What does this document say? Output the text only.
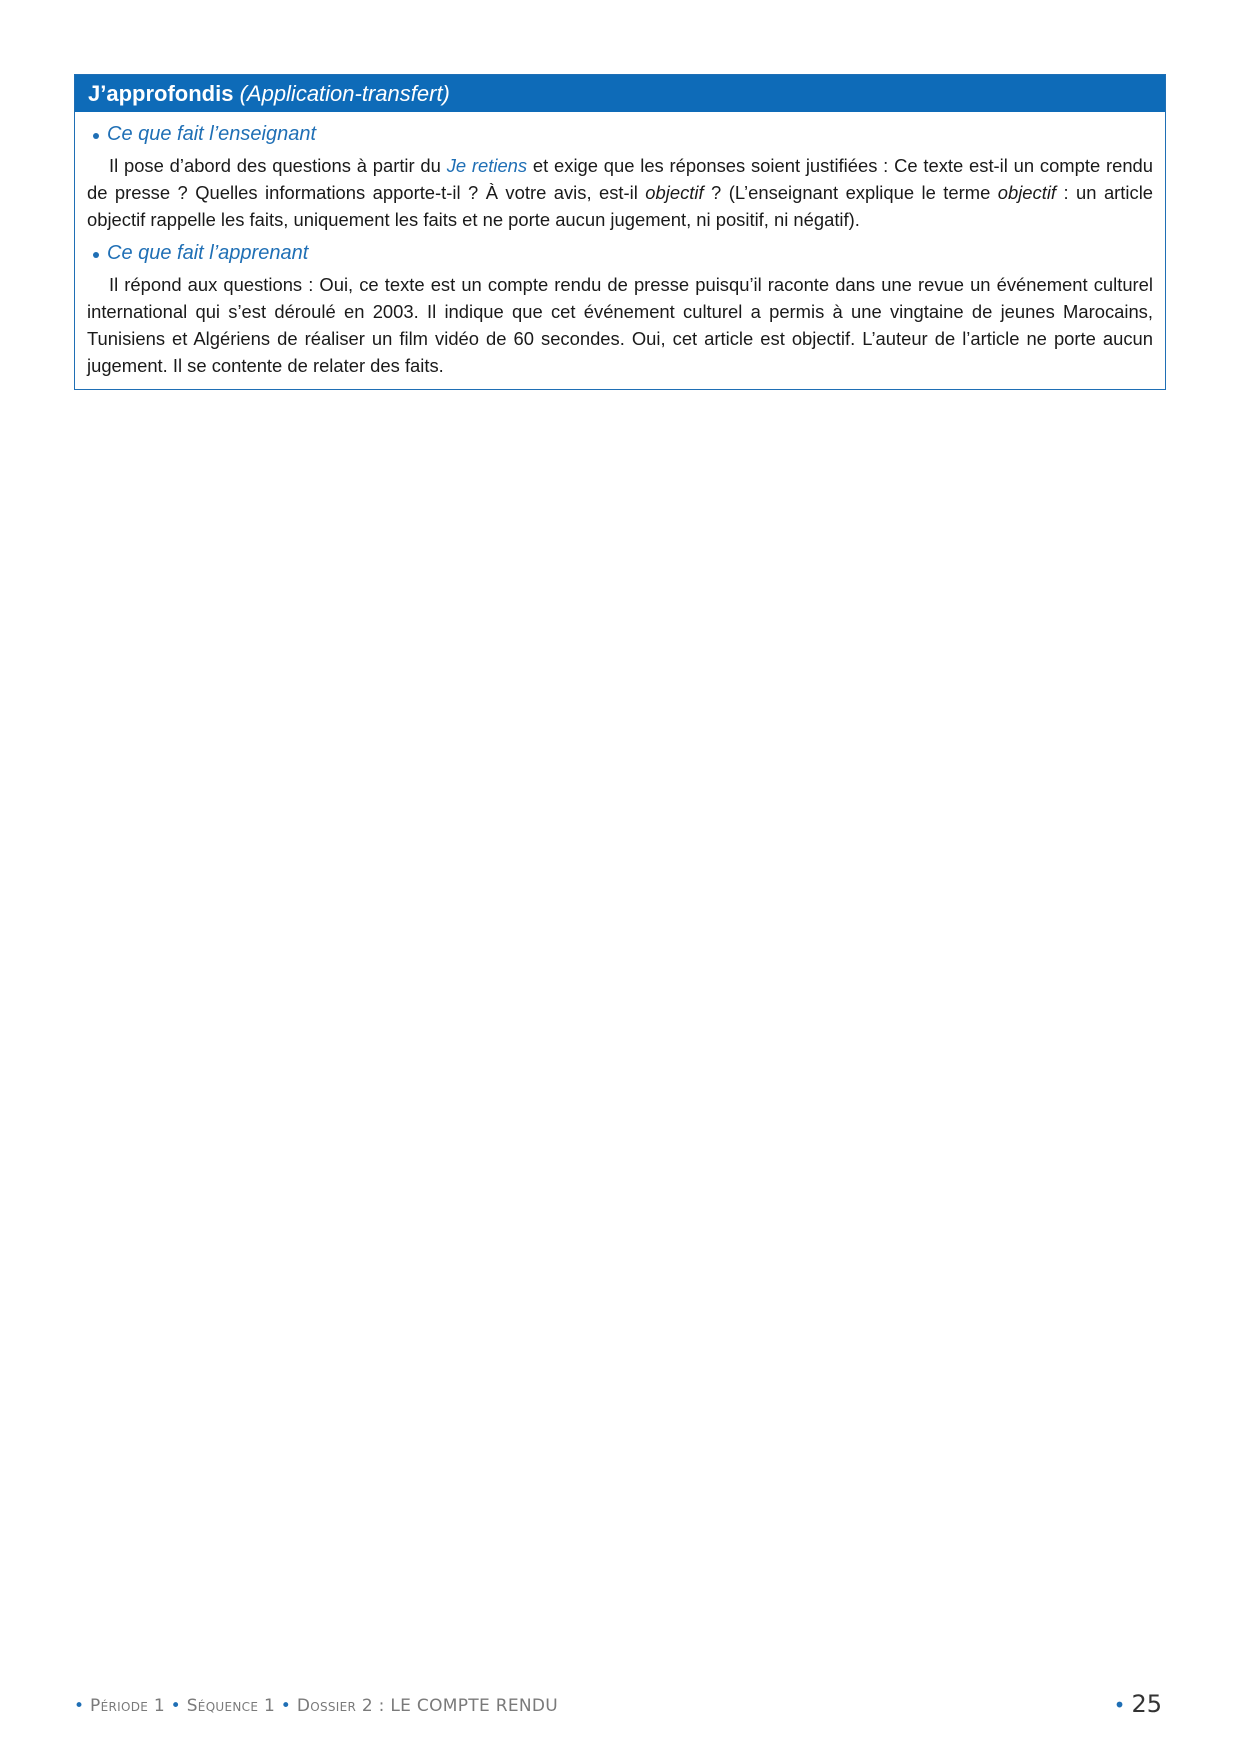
J’approfondis (Application-transfert)
Ce que fait l’enseignant

Il pose d’abord des questions à partir du Je retiens et exige que les réponses soient justifiées : Ce texte est-il un compte rendu de presse ? Quelles informations apporte-t-il ? À votre avis, est-il objectif ? (L’enseignant explique le terme objectif : un article objectif rappelle les faits, uniquement les faits et ne porte aucun jugement, ni positif, ni négatif).

Ce que fait l’apprenant

Il répond aux questions : Oui, ce texte est un compte rendu de presse puisqu’il raconte dans une revue un événement culturel international qui s’est déroulé en 2003. Il indique que cet événement culturel a permis à une vingtaine de jeunes Marocains, Tunisiens et Algériens de réaliser un film vidéo de 60 secondes. Oui, cet article est objectif. L’auteur de l’article ne porte aucun jugement. Il se contente de relater des faits.

• Période 1 • Séquence 1 • Dossier 2 : LE COMPTE RENDU	• 25
